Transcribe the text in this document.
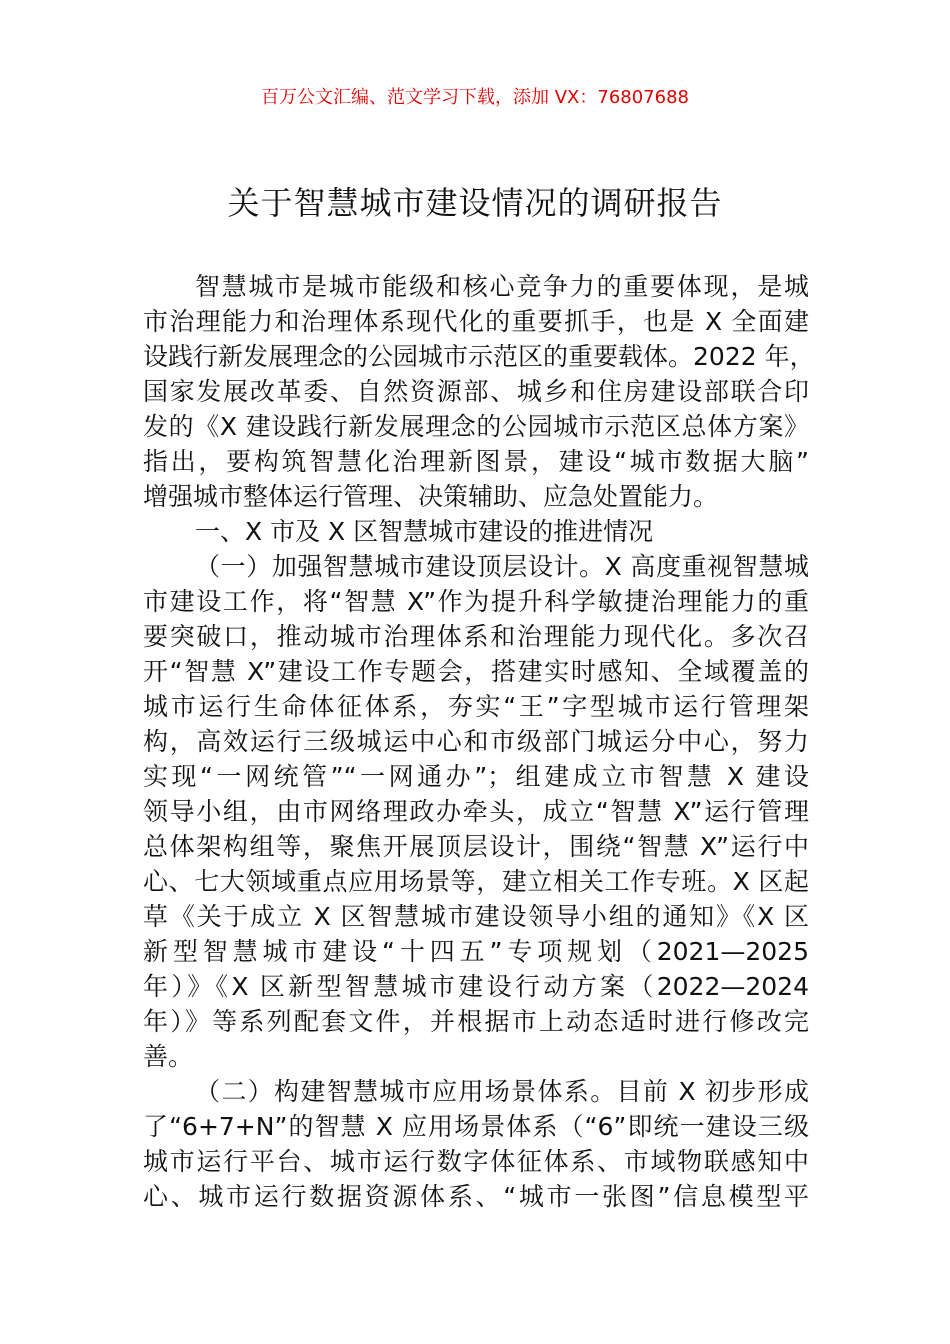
百万公文汇编、范文学习下载，添加 VX：76807688
关于智慧城市建设情况的调研报告
智慧城市是城市能级和核心竞争力的重要体现，是城
市治理能力和治理体系现代化的重要抓手，也是 X 全面建
设践行新发展理念的公园城市示范区的重要载体。2022 年，
国家发展改革委、自然资源部、城乡和住房建设部联合印
发的《X 建设践行新发展理念的公园城市示范区总体方案》
指出，要构筑智慧化治理新图景，建设“城市数据大脑”
增强城市整体运行管理、决策辅助、应急处置能力。
一、X 市及 X 区智慧城市建设的推进情况
（一）加强智慧城市建设顶层设计。X 高度重视智慧城
市建设工作，将“智慧 X”作为提升科学敏捷治理能力的重
要突破口，推动城市治理体系和治理能力现代化。多次召
开“智慧 X”建设工作专题会，搭建实时感知、全域覆盖的
城市运行生命体征体系，夯实“王”字型城市运行管理架
构，高效运行三级城运中心和市级部门城运分中心，努力
实现“一网统管”“一网通办”；组建成立市智慧 X 建设
领导小组，由市网络理政办牵头，成立“智慧 X”运行管理
总体架构组等，聚焦开展顶层设计，围绕“智慧 X”运行中
心、七大领域重点应用场景等，建立相关工作专班。X 区起
草《关于成立 X 区智慧城市建设领导小组的通知》《X 区
新型智慧城市建设“十四五”专项规划（2021—2025
年）》《X 区新型智慧城市建设行动方案（2022—2024
年）》等系列配套文件，并根据市上动态适时进行修改完
善。
（二）构建智慧城市应用场景体系。目前 X 初步形成
了“6+7+N”的智慧 X 应用场景体系（“6”即统一建设三级
城市运行平台、城市运行数字体征体系、市域物联感知中
心、城市运行数据资源体系、“城市一张图”信息模型平
